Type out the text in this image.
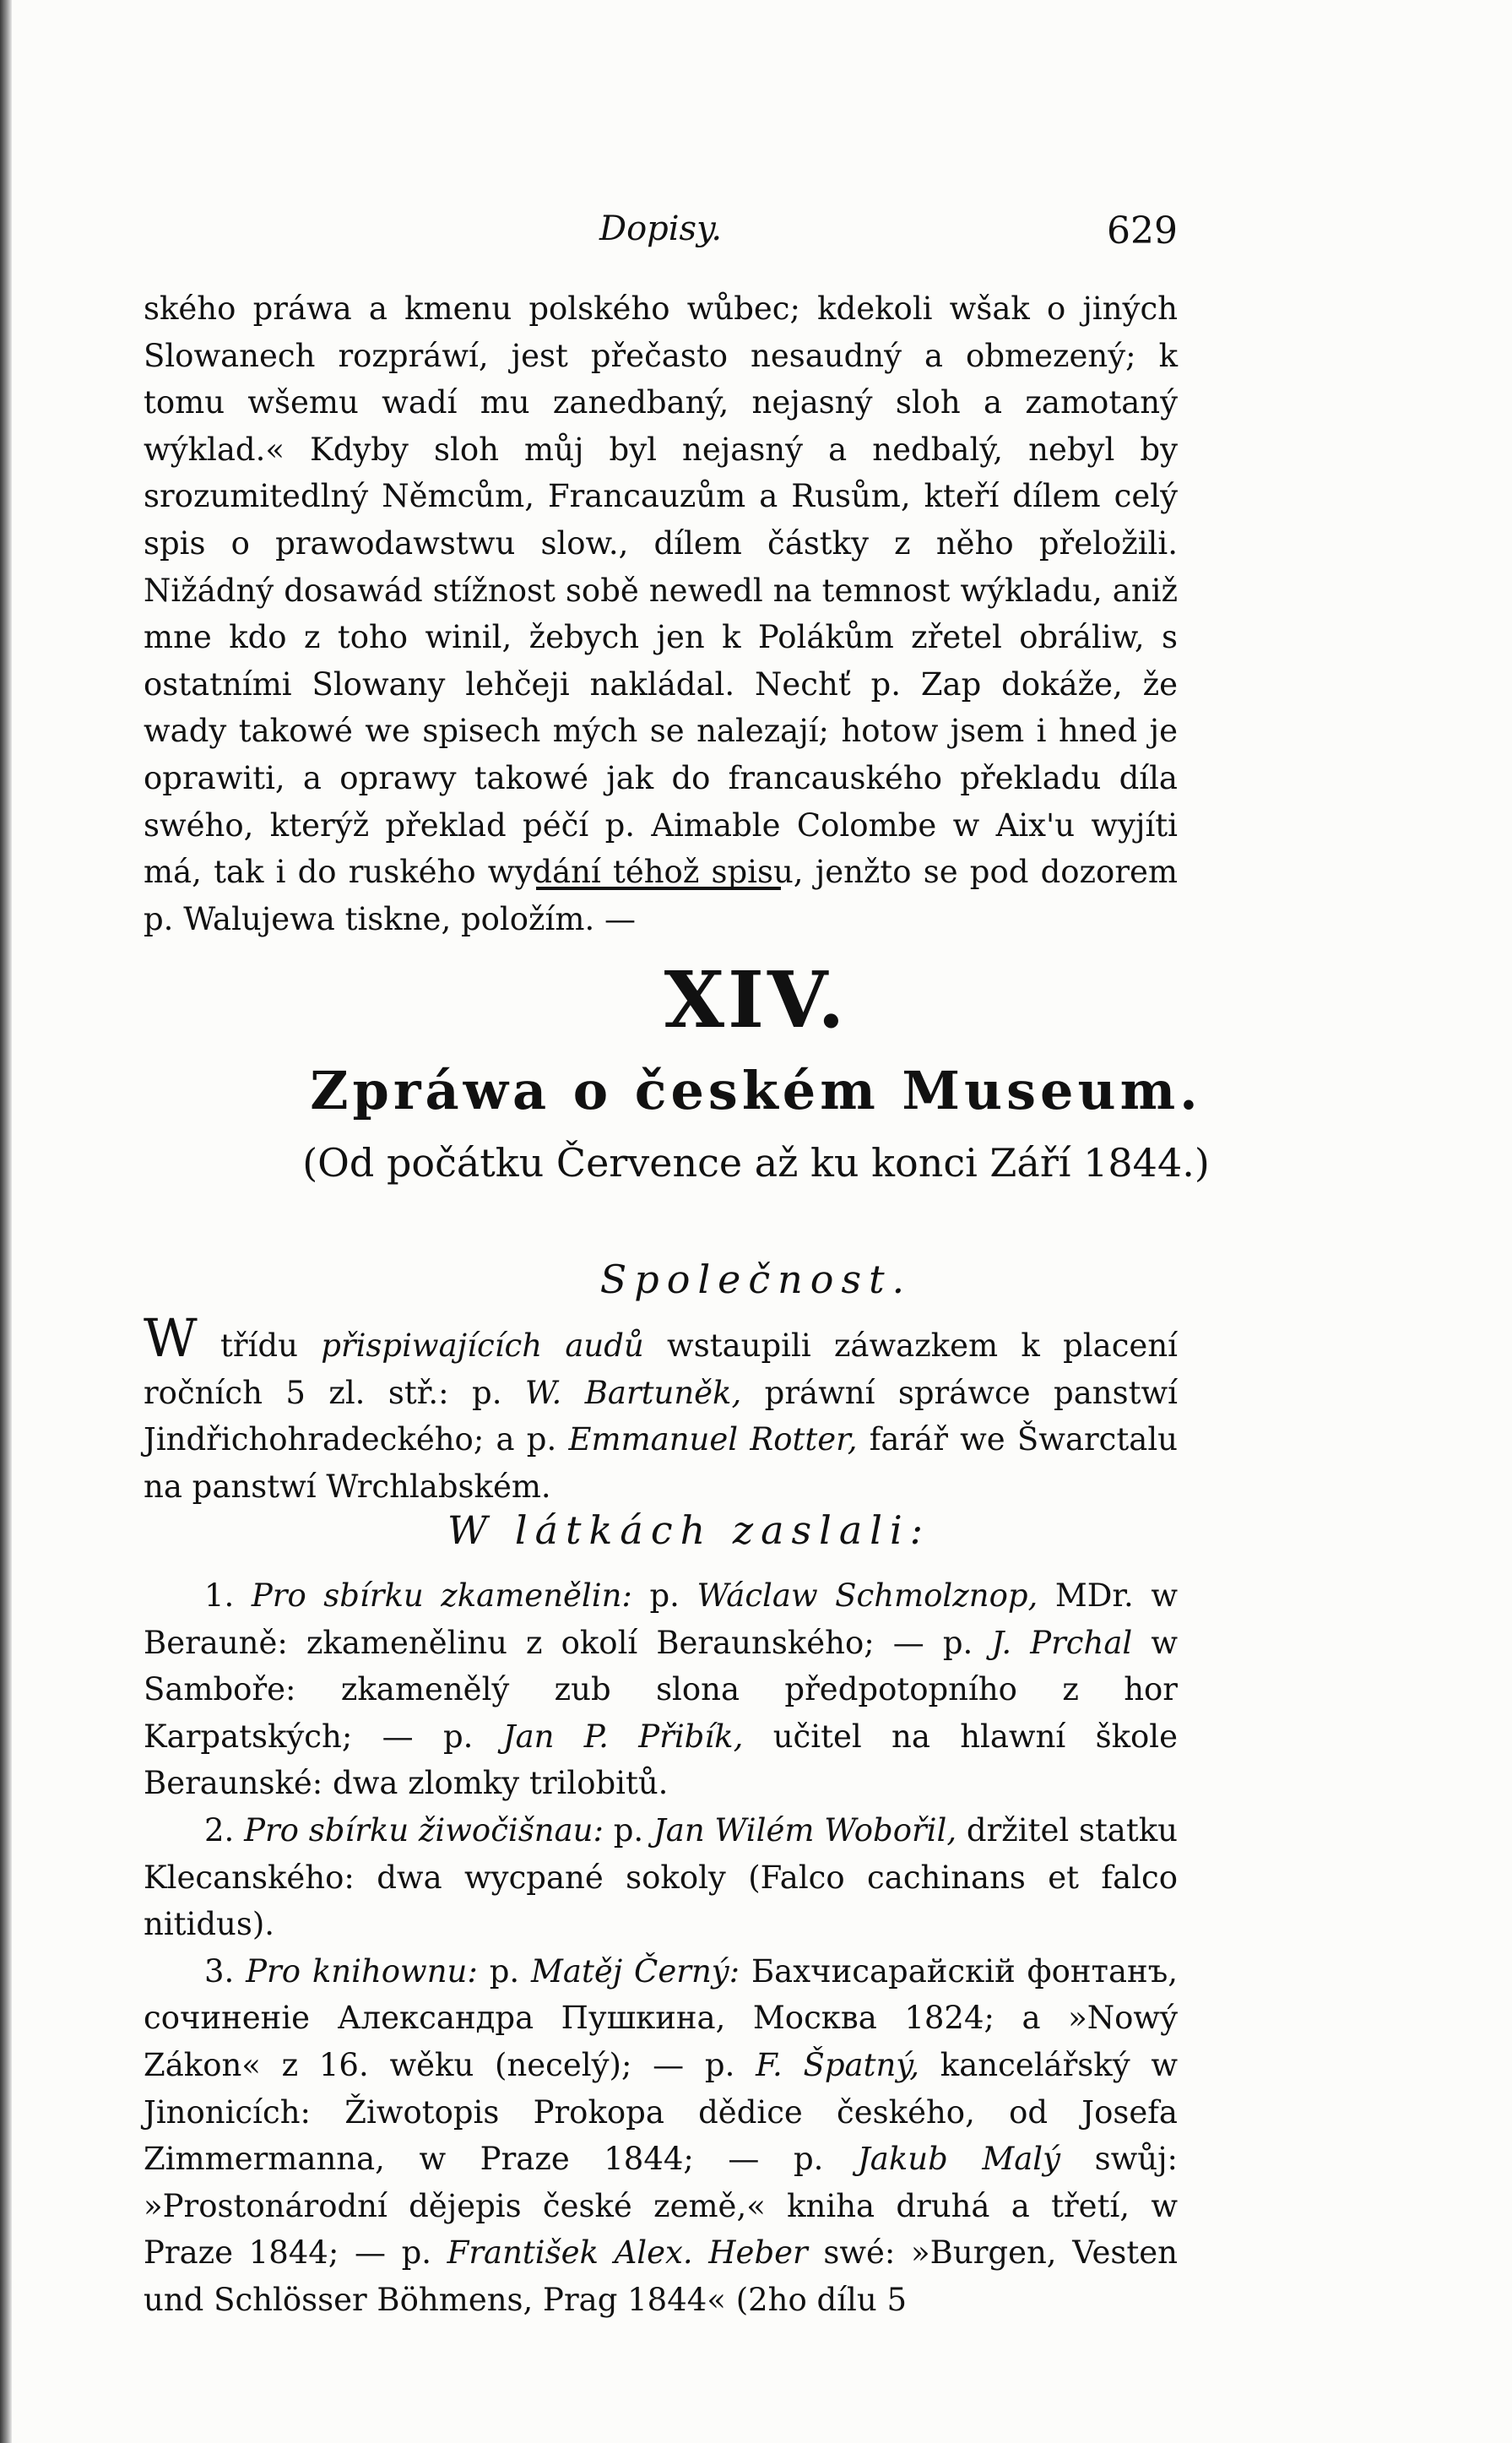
Dopisy.	629

ského práwa a kmenu polského wůbec; kdekoli wšak o jiných Slowanech rozpráwí, jest přečasto nesaudný a obmezený; k tomu wšemu wadí mu zanedbaný, nejasný sloh a zamotaný wýklad.« Kdyby sloh můj byl nejasný a nedbalý, nebyl by srozumitedlný Němcům, Francauzům a Rusům, kteří dílem celý spis o prawodawstwu slow., dílem částky z něho přeložili. Nižádný dosawád stížnost sobě newedl na temnost wýkladu, aniž mne kdo z toho winil, žebych jen k Polákům zřetel obráliw, s ostatními Slowany lehčeji nakládal. Nechť p. Zap dokáže, že wady takowé we spisech mých se nalezají; hotow jsem i hned je oprawiti, a oprawy takowé jak do francauského překladu díla swého, kterýž překlad péčí p. Aimable Colombe w Aix'u wyjíti má, tak i do ruského wydání téhož spisu, jenžto se pod dozorem p. Walujewa tiskne, položím. —

XIV.
Zpráwa o českém Museum.
(Od počátku Července až ku konci Září 1844.)
Společnost.

W třídu přispiwajících audů wstaupili záwazkem k placení ročních 5 zl. stř.: p. W. Bartuněk, práwní spráwce panstwí Jindřichohradeckého; a p. Emmanuel Rotter, farář we Šwarctalu na panstwí Wrchlabském.

W látkách zaslali:

1. Pro sbírku zkamenělin: p. Wáclaw Schmolznop, MDr. w Berauně: zkamenělinu z okolí Beraunského; — p. J. Prchal w Samboře: zkamenělý zub slona předpotopního z hor Karpatských; — p. Jan P. Přibík, učitel na hlawní škole Beraunské: dwa zlomky trilobitů.

2. Pro sbírku žiwočišnau: p. Jan Wilém Wobořil, držitel statku Klecanského: dwa wycpané sokoly (Falco cachinans et falco nitidus).

3. Pro knihownu: p. Matěj Černý: Бахчисарайскiй фонтанъ, сочиненiе Александра Пушкина, Москва 1824; a »Nowý Zákon« z 16. wěku (necelý); — p. F. Špatný, kancelářský w Jinonicích: Žiwotopis Prokopa dědice českého, od Josefa Zimmermanna, w Praze 1844; — p. Jakub Malý swůj: »Prostonárodní dějepis české země,« kniha druhá a třetí, w Praze 1844; — p. František Alex. Heber swé: »Burgen, Vesten und Schlösser Böhmens, Prag 1844« (2ho dílu 5
